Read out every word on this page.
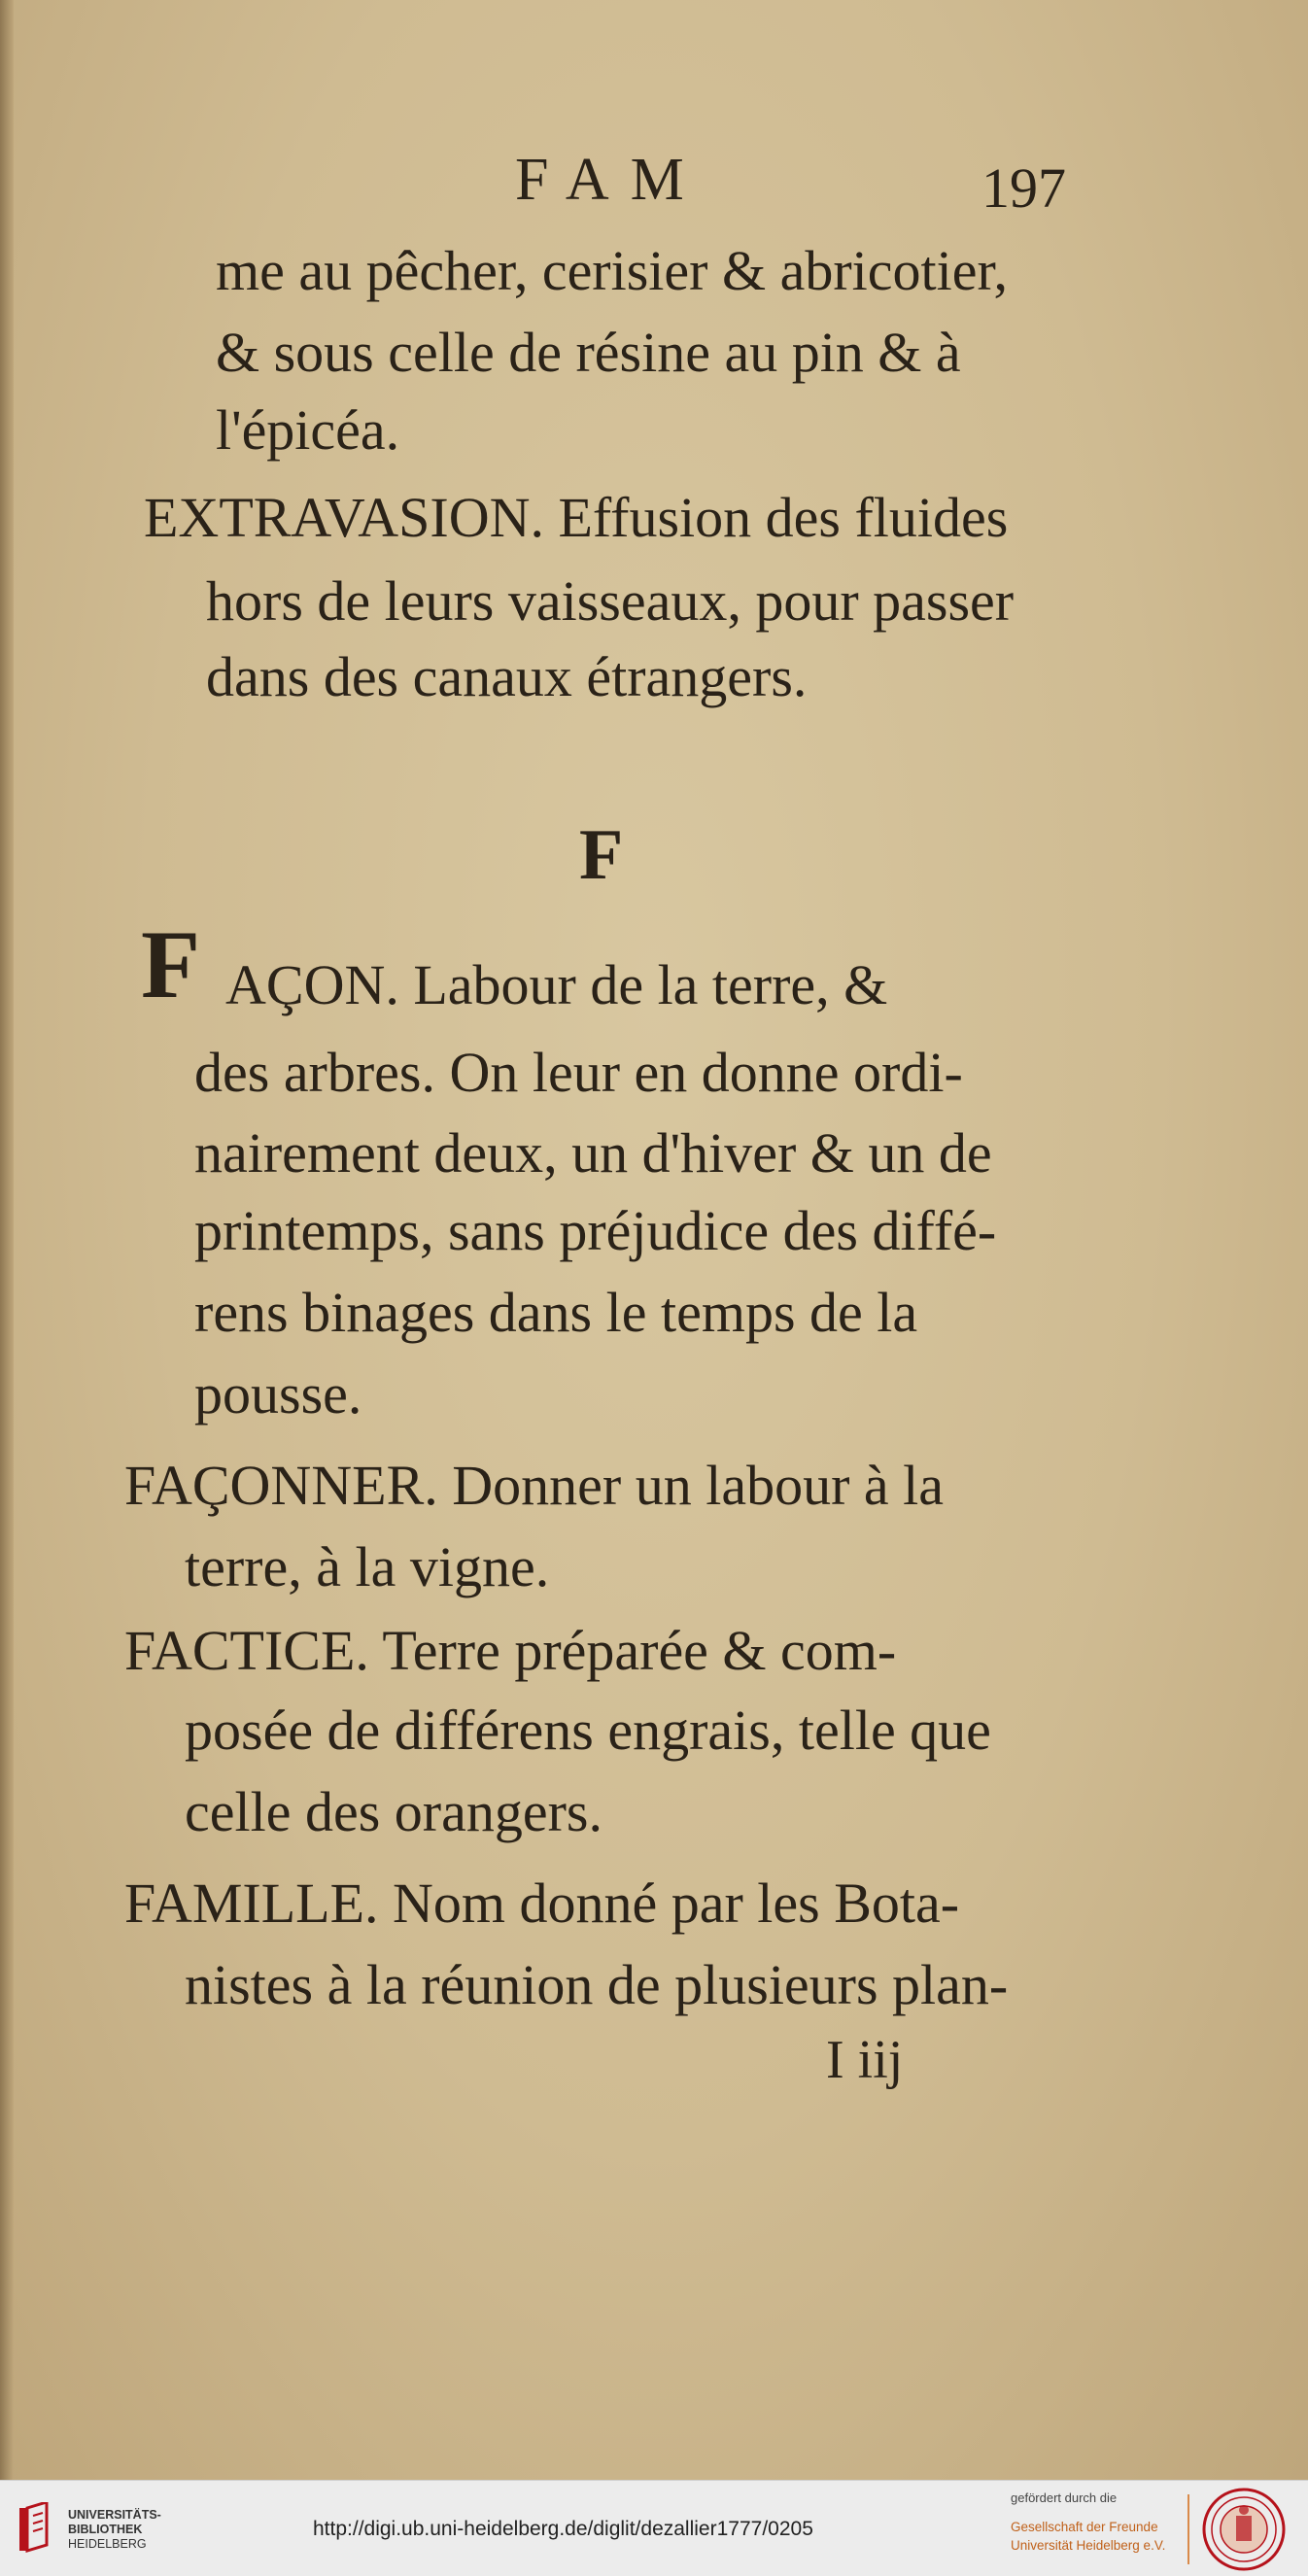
FAM	197
me au pêcher, cerisier & abricotier,
& sous celle de résine au pin & à
l'épicéa.
EXTRAVASION. Effusion des fluides
hors de leurs vaisseaux, pour passer
dans des canaux étrangers.
F
F AÇON. Labour de la terre, &
des arbres. On leur en donne ordi-
nairement deux, un d'hiver & un de
printemps, sans préjudice des diffé-
rens binages dans le temps de la
pousse.
FAÇONNER. Donner un labour à la
terre, à la vigne.
FACTICE. Terre préparée & com-
posée de différens engrais, telle que
celle des orangers.
FAMILLE. Nom donné par les Bota-
nistes à la réunion de plusieurs plan-
I iij
UNIVERSITÄTS-
BIBLIOTHEK
HEIDELBERG
http://digi.ub.uni-heidelberg.de/diglit/dezallier1777/0205
gefördert durch die
Gesellschaft der Freunde
Universität Heidelberg e.V.
